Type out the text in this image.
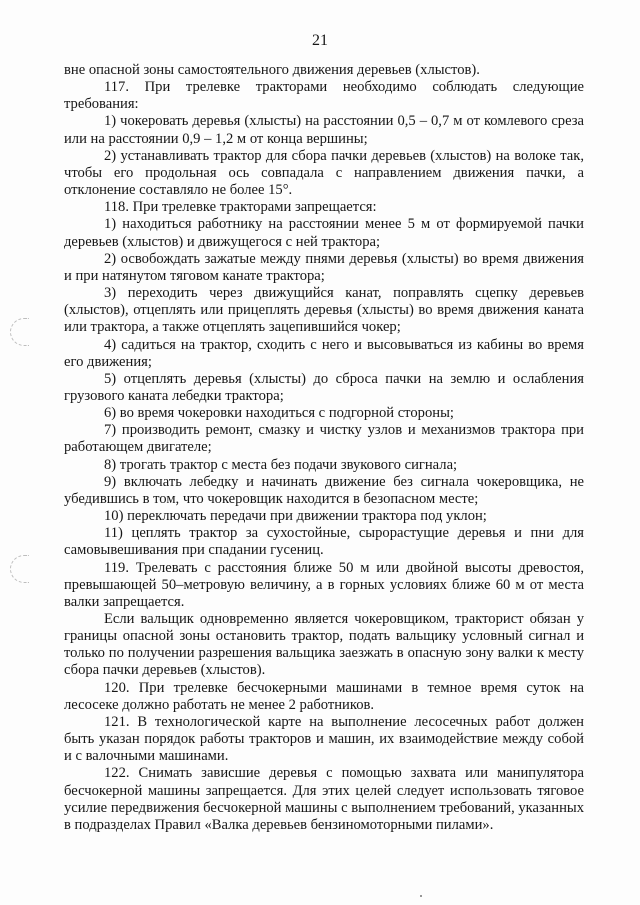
21

вне опасной зоны самостоятельного движения деревьев (хлыстов).

117. При трелевке тракторами необходимо соблюдать следующие требования:

1) чокеровать деревья (хлысты) на расстоянии 0,5 – 0,7 м от комлевого среза или на расстоянии 0,9 – 1,2 м от конца вершины;

2) устанавливать трактор для сбора пачки деревьев (хлыстов) на волоке так, чтобы его продольная ось совпадала с направлением движения пачки, а отклонение составляло не более 15°.

118. При трелевке тракторами запрещается:

1) находиться работнику на расстоянии менее 5 м от формируемой пачки деревьев (хлыстов) и движущегося с ней трактора;

2) освобождать зажатые между пнями деревья (хлысты) во время движения и при натянутом тяговом канате трактора;

3) переходить через движущийся канат, поправлять сцепку деревьев (хлыстов), отцеплять или прицеплять деревья (хлысты) во время движения каната или трактора, а также отцеплять зацепившийся чокер;

4) садиться на трактор, сходить с него и высовываться из кабины во время его движения;

5) отцеплять деревья (хлысты) до сброса пачки на землю и ослабления грузового каната лебедки трактора;

6) во время чокеровки находиться с подгорной стороны;

7) производить ремонт, смазку и чистку узлов и механизмов трактора при работающем двигателе;

8) трогать трактор с места без подачи звукового сигнала;

9) включать лебедку и начинать движение без сигнала чокеровщика, не убедившись в том, что чокеровщик находится в безопасном месте;

10) переключать передачи при движении трактора под уклон;

11) цеплять трактор за сухостойные, сырорастущие деревья и пни для самовывешивания при спадании гусениц.

119. Трелевать с расстояния ближе 50 м или двойной высоты древостоя, превышающей 50–метровую величину, а в горных условиях ближе 60 м от места валки запрещается.

Если вальщик одновременно является чокеровщиком, тракторист обязан у границы опасной зоны остановить трактор, подать вальщику условный сигнал и только по получении разрешения вальщика заезжать в опасную зону валки к месту сбора пачки деревьев (хлыстов).

120. При трелевке бесчокерными машинами в темное время суток на лесосеке должно работать не менее 2 работников.

121. В технологической карте на выполнение лесосечных работ должен быть указан порядок работы тракторов и машин, их взаимодействие между собой и с валочными машинами.

122. Снимать зависшие деревья с помощью захвата или манипулятора бесчокерной машины запрещается. Для этих целей следует использовать тяговое усилие передвижения бесчокерной машины с выполнением требований, указанных в подразделах Правил «Валка деревьев бензиномоторными пилами».
